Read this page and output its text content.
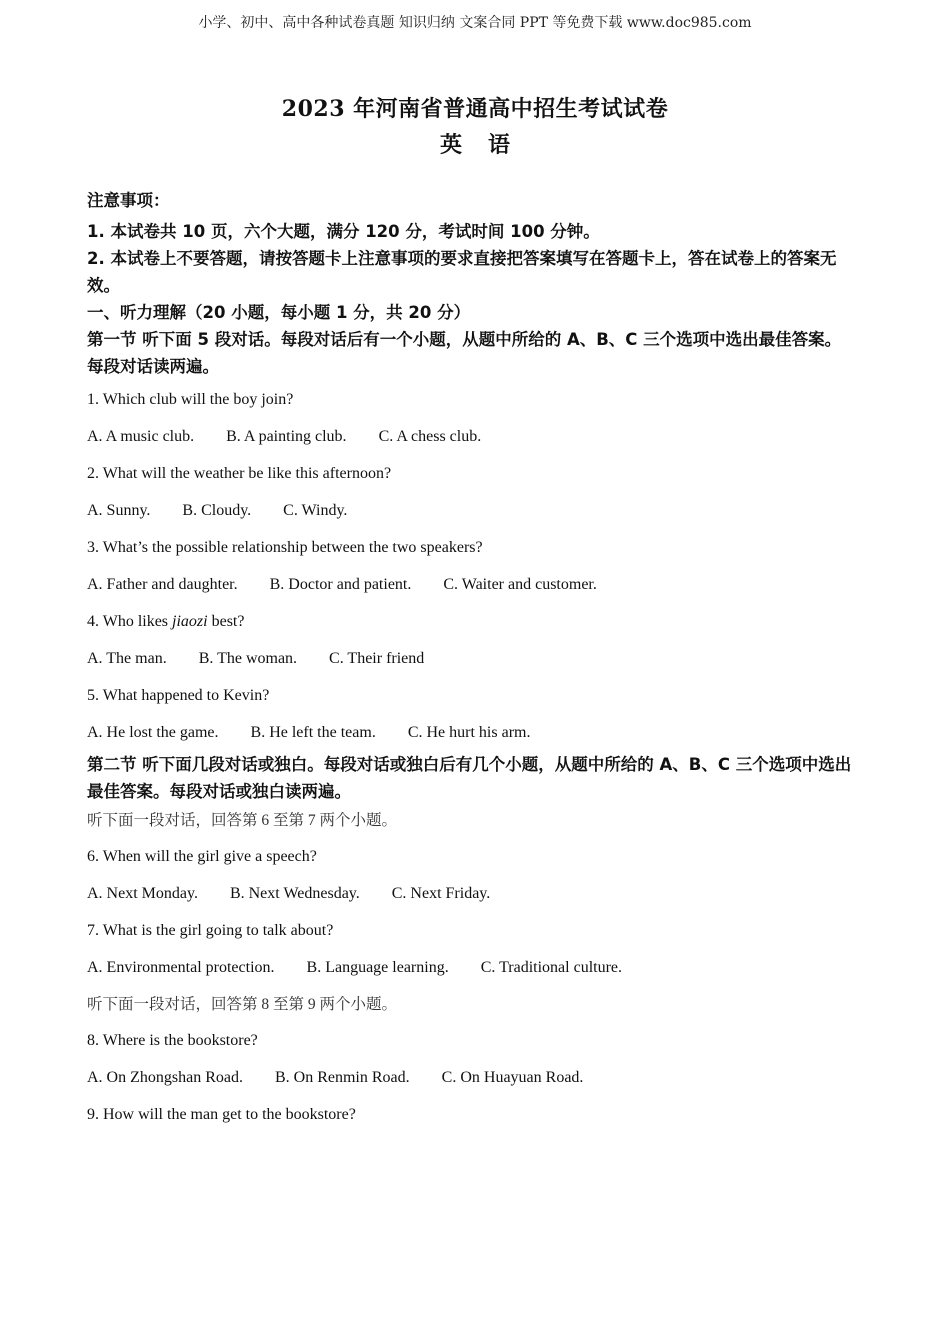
小学、初中、高中各种试卷真题 知识归纳 文案合同 PPT 等免费下载 www.doc985.com
2023 年河南省普通高中招生考试试卷
英语

注意事项：

1. 本试卷共 10 页，六个大题，满分 120 分，考试时间 100 分钟。

2. 本试卷上不要答题，请按答题卡上注意事项的要求直接把答案填写在答题卡上，答在试卷上的答案无效。

一、听力理解（20 小题，每小题 1 分，共 20 分）

第一节 听下面 5 段对话。每段对话后有一个小题，从题中所给的 A、B、C 三个选项中选出最佳答案。每段对话读两遍。

1. Which club will the boy join?

A. A music club. B. A painting club. C. A chess club.

2. What will the weather be like this afternoon?

A. Sunny. B. Cloudy. C. Windy.

3. What’s the possible relationship between the two speakers?

A. Father and daughter. B. Doctor and patient. C. Waiter and customer.

4. Who likes jiaozi best?

A. The man. B. The woman. C. Their friend

5. What happened to Kevin?

A. He lost the game. B. He left the team. C. He hurt his arm.

第二节 听下面几段对话或独白。每段对话或独白后有几个小题，从题中所给的 A、B、C 三个选项中选出最佳答案。每段对话或独白读两遍。

听下面一段对话，回答第 6 至第 7 两个小题。

6. When will the girl give a speech?

A. Next Monday. B. Next Wednesday. C. Next Friday.

7. What is the girl going to talk about?

A. Environmental protection. B. Language learning. C. Traditional culture.

听下面一段对话，回答第 8 至第 9 两个小题。

8. Where is the bookstore?

A. On Zhongshan Road. B. On Renmin Road. C. On Huayuan Road.

9. How will the man get to the bookstore?
